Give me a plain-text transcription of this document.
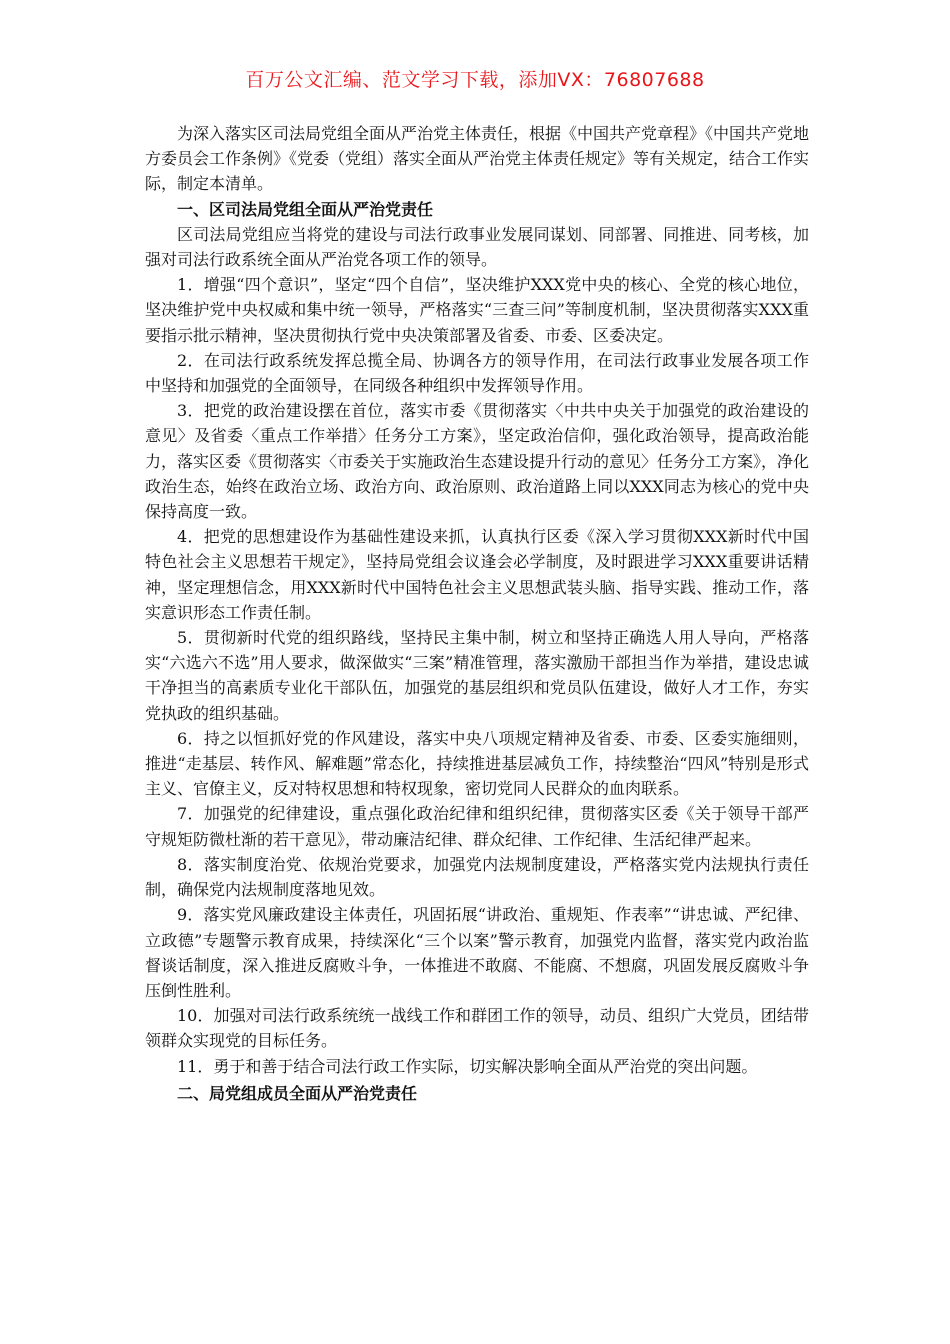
百万公文汇编、范文学习下载，添加VX：76807688

为深入落实区司法局党组全面从严治党主体责任，根据《中国共产党章程》《中国共产党地方委员会工作条例》《党委（党组）落实全面从严治党主体责任规定》等有关规定，结合工作实际，制定本清单。

一、区司法局党组全面从严治党责任

区司法局党组应当将党的建设与司法行政事业发展同谋划、同部署、同推进、同考核，加强对司法行政系统全面从严治党各项工作的领导。

1．增强“四个意识”，坚定“四个自信”，坚决维护XXX党中央的核心、全党的核心地位，坚决维护党中央权威和集中统一领导，严格落实“三查三问”等制度机制，坚决贯彻落实XXX重要指示批示精神，坚决贯彻执行党中央决策部署及省委、市委、区委决定。

2．在司法行政系统发挥总揽全局、协调各方的领导作用，在司法行政事业发展各项工作中坚持和加强党的全面领导，在同级各种组织中发挥领导作用。

3．把党的政治建设摆在首位，落实市委《贯彻落实〈中共中央关于加强党的政治建设的意见〉及省委〈重点工作举措〉任务分工方案》，坚定政治信仰，强化政治领导，提高政治能力，落实区委《贯彻落实〈市委关于实施政治生态建设提升行动的意见〉任务分工方案》，净化政治生态，始终在政治立场、政治方向、政治原则、政治道路上同以XXX同志为核心的党中央保持高度一致。

4．把党的思想建设作为基础性建设来抓，认真执行区委《深入学习贯彻XXX新时代中国特色社会主义思想若干规定》，坚持局党组会议逢会必学制度，及时跟进学习XXX重要讲话精神，坚定理想信念，用XXX新时代中国特色社会主义思想武装头脑、指导实践、推动工作，落实意识形态工作责任制。

5．贯彻新时代党的组织路线，坚持民主集中制，树立和坚持正确选人用人导向，严格落实“六选六不选”用人要求，做深做实“三案”精准管理，落实激励干部担当作为举措，建设忠诚干净担当的高素质专业化干部队伍，加强党的基层组织和党员队伍建设，做好人才工作，夯实党执政的组织基础。

6．持之以恒抓好党的作风建设，落实中央八项规定精神及省委、市委、区委实施细则，推进“走基层、转作风、解难题”常态化，持续推进基层减负工作，持续整治“四风”特别是形式主义、官僚主义，反对特权思想和特权现象，密切党同人民群众的血肉联系。

7．加强党的纪律建设，重点强化政治纪律和组织纪律，贯彻落实区委《关于领导干部严守规矩防微杜渐的若干意见》，带动廉洁纪律、群众纪律、工作纪律、生活纪律严起来。

8．落实制度治党、依规治党要求，加强党内法规制度建设，严格落实党内法规执行责任制，确保党内法规制度落地见效。

9．落实党风廉政建设主体责任，巩固拓展“讲政治、重规矩、作表率”“讲忠诚、严纪律、立政德”专题警示教育成果，持续深化“三个以案”警示教育，加强党内监督，落实党内政治监督谈话制度，深入推进反腐败斗争，一体推进不敢腐、不能腐、不想腐，巩固发展反腐败斗争压倒性胜利。

10．加强对司法行政系统统一战线工作和群团工作的领导，动员、组织广大党员，团结带领群众实现党的目标任务。

11．勇于和善于结合司法行政工作实际，切实解决影响全面从严治党的突出问题。

二、局党组成员全面从严治党责任
